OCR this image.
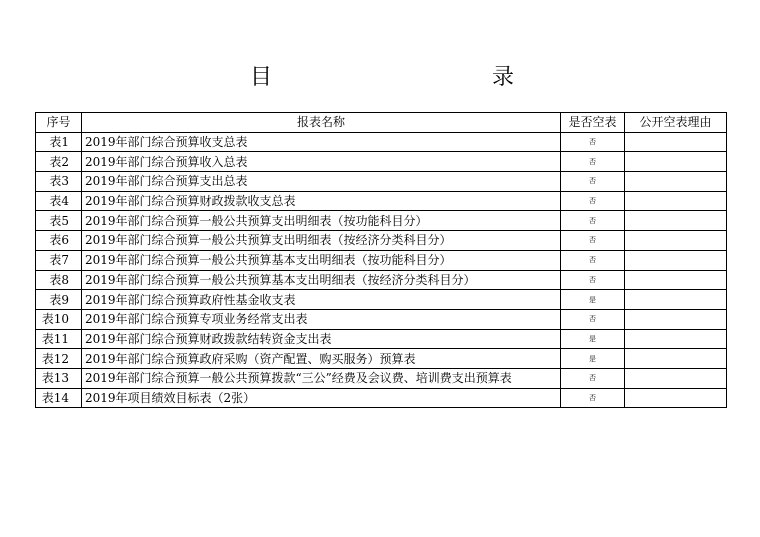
目	录
序号	报表名称	是否空表	公开空表理由
表1	2019年部门综合预算收支总表	否	
表2	2019年部门综合预算收入总表	否	
表3	2019年部门综合预算支出总表	否	
表4	2019年部门综合预算财政拨款收支总表	否	
表5	2019年部门综合预算一般公共预算支出明细表（按功能科目分）	否	
表6	2019年部门综合预算一般公共预算支出明细表（按经济分类科目分）	否	
表7	2019年部门综合预算一般公共预算基本支出明细表（按功能科目分）	否	
表8	2019年部门综合预算一般公共预算基本支出明细表（按经济分类科目分）	否	
表9	2019年部门综合预算政府性基金收支表	是	
表10	2019年部门综合预算专项业务经常支出表	否	
表11	2019年部门综合预算财政拨款结转资金支出表	是	
表12	2019年部门综合预算政府采购（资产配置、购买服务）预算表	是	
表13	2019年部门综合预算一般公共预算拨款“三公”经费及会议费、培训费支出预算表	否	
表14	2019年项目绩效目标表（2张）	否	
